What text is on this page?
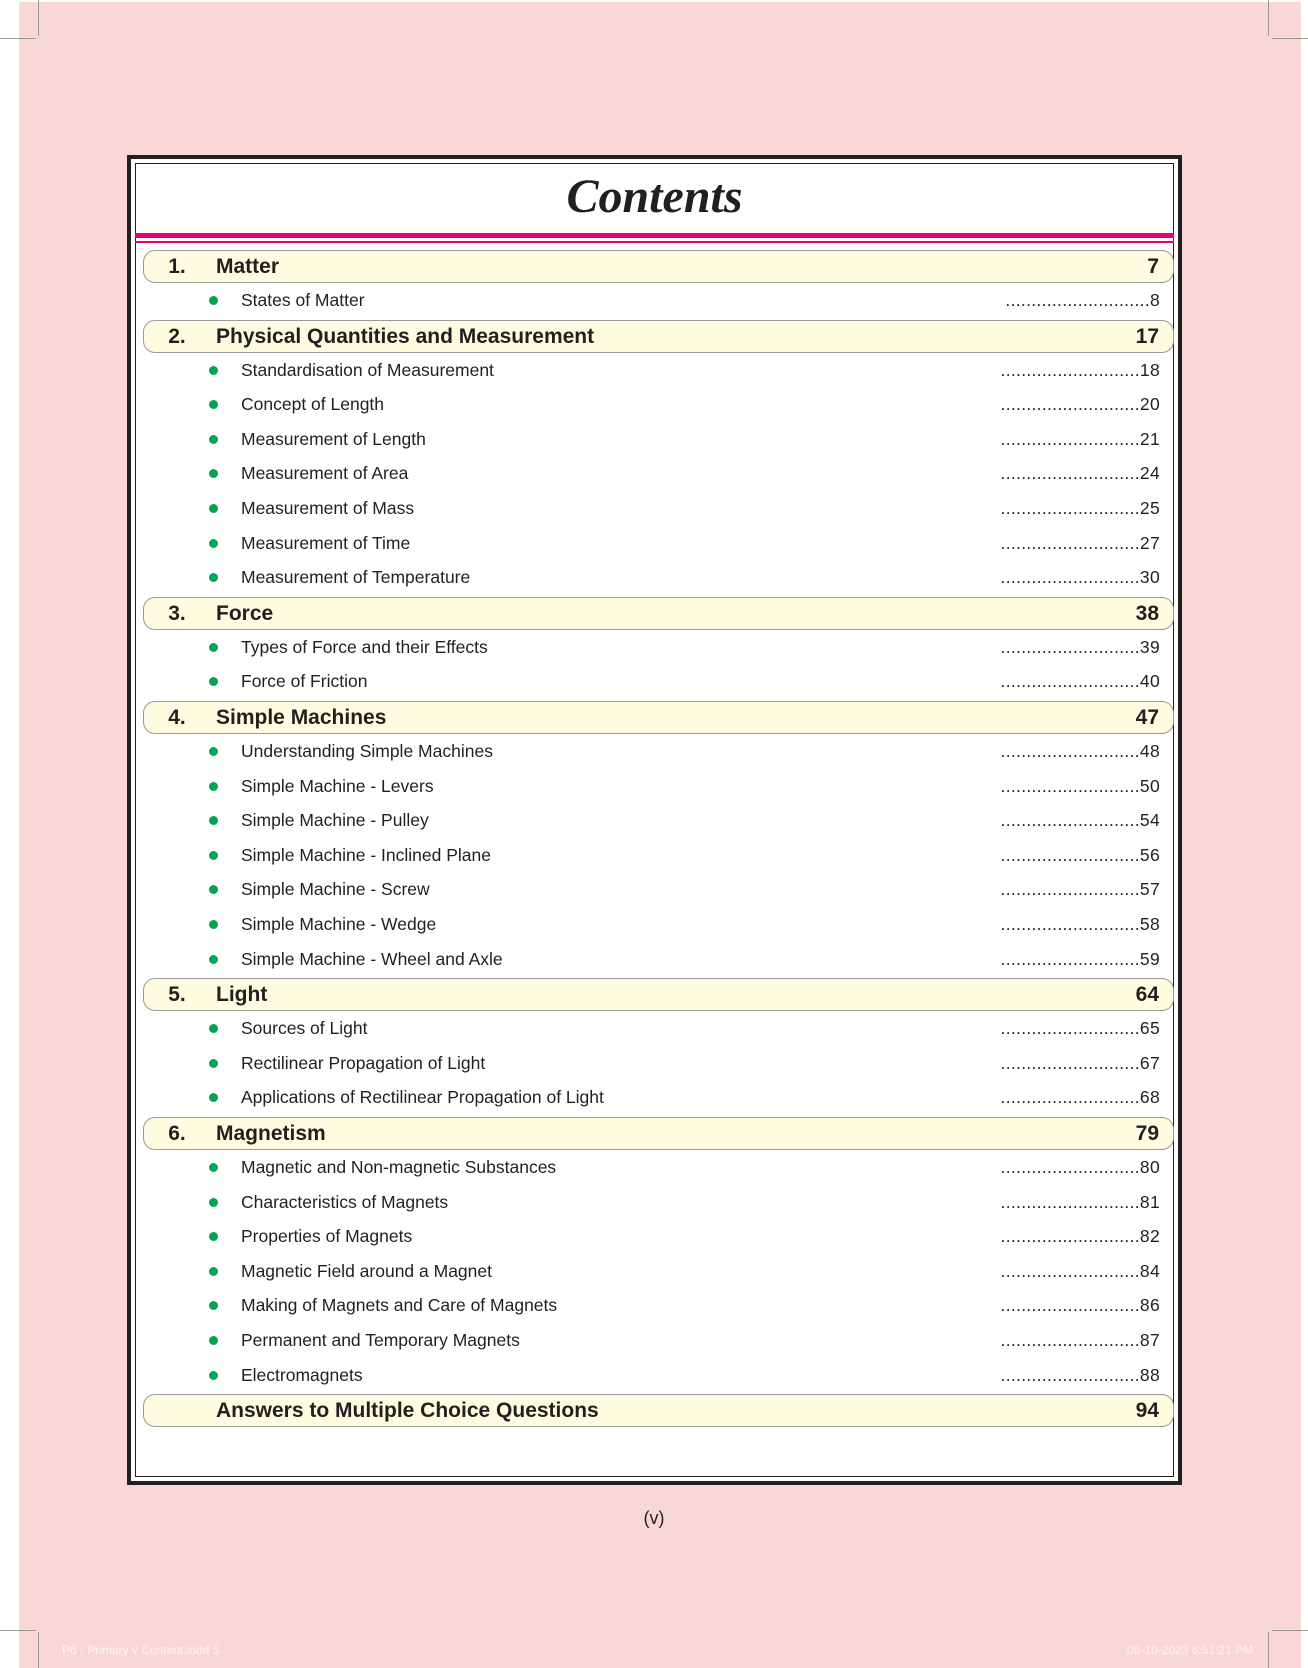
Contents
1.	Matter	7
States of Matter	............................8
2.	Physical Quantities and Measurement	17
Standardisation of Measurement	...........................18
Concept of Length	...........................20
Measurement of Length	...........................21
Measurement of Area	...........................24
Measurement of Mass	...........................25
Measurement of Time	...........................27
Measurement of Temperature	...........................30
3.	Force	38
Types of Force and their Effects	...........................39
Force of Friction	...........................40
4.	Simple Machines	47
Understanding Simple Machines	...........................48
Simple Machine - Levers	...........................50
Simple Machine - Pulley	...........................54
Simple Machine - Inclined Plane	...........................56
Simple Machine - Screw	...........................57
Simple Machine - Wedge	...........................58
Simple Machine - Wheel and Axle	...........................59
5.	Light	64
Sources of Light	...........................65
Rectilinear Propagation of Light	...........................67
Applications of Rectilinear Propagation of Light	...........................68
6.	Magnetism	79
Magnetic and Non-magnetic Substances	...........................80
Characteristics of Magnets	...........................81
Properties of Magnets	...........................82
Magnetic Field around a Magnet	...........................84
Making of Magnets and Care of Magnets	...........................86
Permanent and Temporary Magnets	...........................87
Electromagnets	...........................88
Answers to Multiple Choice Questions	94
(v)
P6 - Primary v Content.indd 5	06-10-2023 6:51:21 PM
